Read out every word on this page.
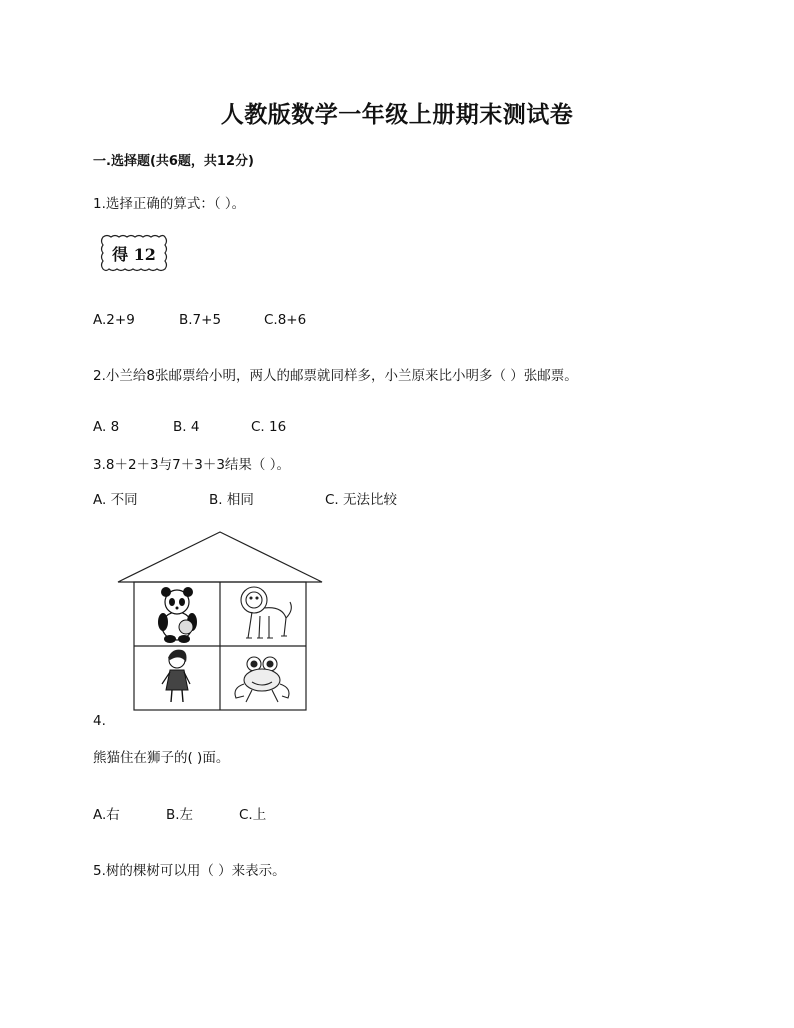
人教版数学一年级上册期末测试卷
一.选择题(共6题，共12分)
1.选择正确的算式：（ ）。
得 12
A.2+9	B.7+5	C.8+6
2.小兰给8张邮票给小明，两人的邮票就同样多，小兰原来比小明多（ ）张邮票。
A. 8	B. 4	C. 16
3.8＋2＋3与7＋3＋3结果（ ）。
A. 不同	B. 相同	C. 无法比较
4.
熊猫住在狮子的( )面。
A.右	B.左	C.上
5.树的棵树可以用（ ）来表示。
